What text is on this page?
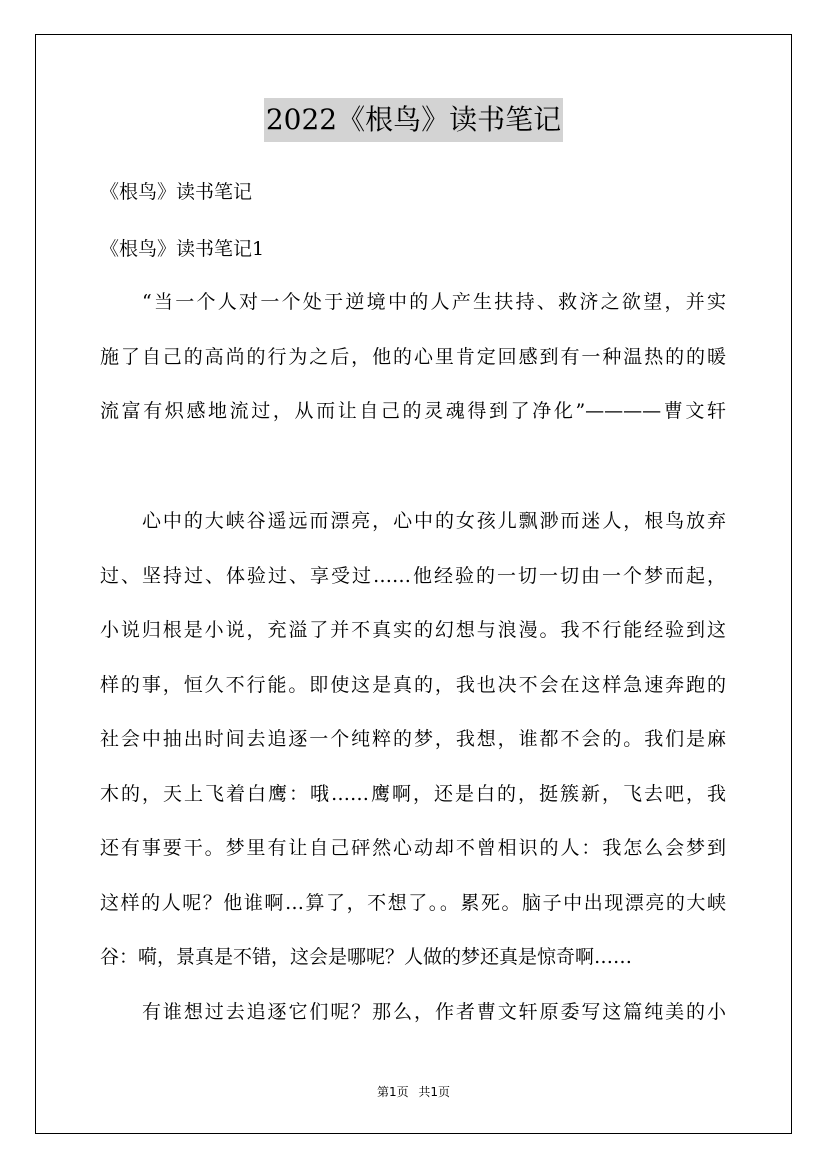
2022《根鸟》读书笔记
《根鸟》读书笔记
《根鸟》读书笔记1
“当一个人对一个处于逆境中的人产生扶持、救济之欲望，并实
施了自己的高尚的行为之后，他的心里肯定回感到有一种温热的的暖
流富有炽感地流过，从而让自己的灵魂得到了净化”————曹文轩
心中的大峡谷遥远而漂亮，心中的女孩儿飘渺而迷人，根鸟放弃
过、坚持过、体验过、享受过……他经验的一切一切由一个梦而起，
小说归根是小说，充溢了并不真实的幻想与浪漫。我不行能经验到这
样的事，恒久不行能。即使这是真的，我也决不会在这样急速奔跑的
社会中抽出时间去追逐一个纯粹的梦，我想，谁都不会的。我们是麻
木的，天上飞着白鹰：哦……鹰啊，还是白的，挺簇新，飞去吧，我
还有事要干。梦里有让自己砰然心动却不曾相识的人：我怎么会梦到
这样的人呢？他谁啊…算了，不想了。。累死。脑子中出现漂亮的大峡
谷：嗬，景真是不错，这会是哪呢？人做的梦还真是惊奇啊……
有谁想过去追逐它们呢？那么，作者曹文轩原委写这篇纯美的小
第1页 共1页
